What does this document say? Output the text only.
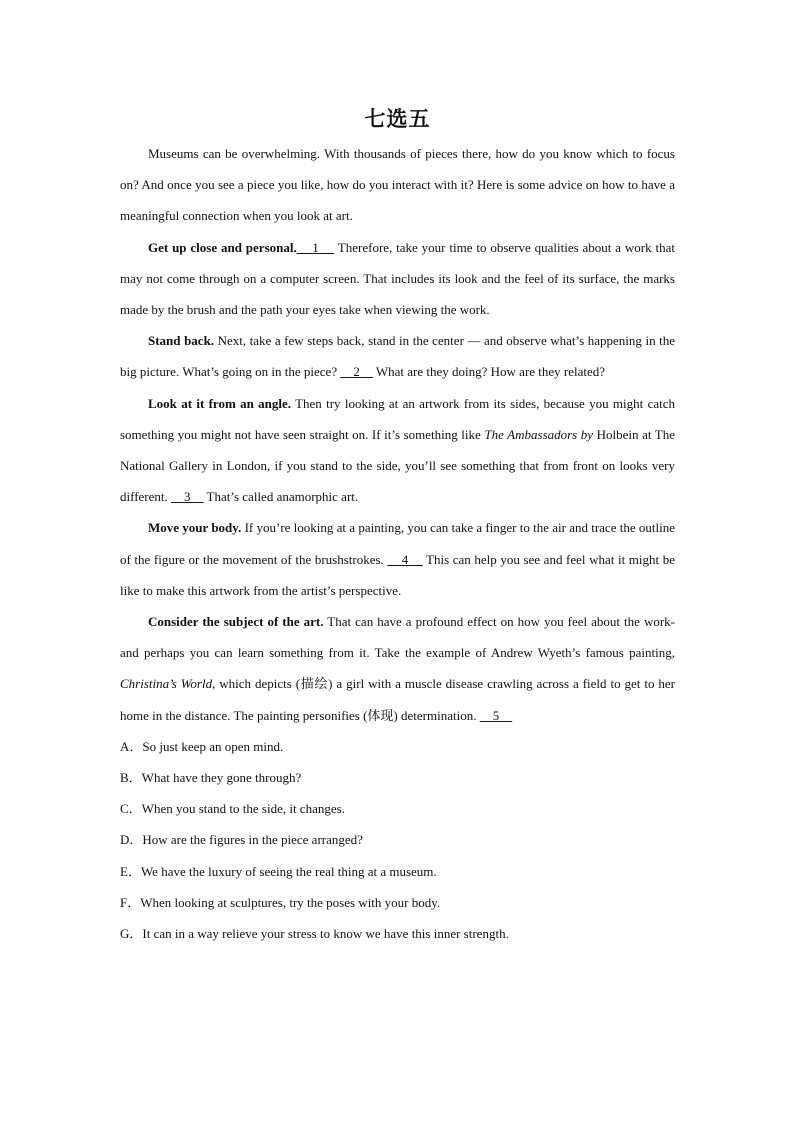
七选五

Museums can be overwhelming. With thousands of pieces there, how do you know which to focus on? And once you see a piece you like, how do you interact with it? Here is some advice on how to have a meaningful connection when you look at art.

Get up close and personal. 1     Therefore, take your time to observe qualities about a work that may not come through on a computer screen. That includes its look and the feel of its surface, the marks made by the brush and the path your eyes take when viewing the work.

Stand back. Next, take a few steps back, stand in the center — and observe what’s happening in the big picture. What’s going on in the piece?     2     What are they doing? How are they related?

Look at it from an angle. Then try looking at an artwork from its sides, because you might catch something you might not have seen straight on. If it’s something like The Ambassadors by Holbein at The National Gallery in London, if you stand to the side, you’ll see something that from front on looks very different.     3     That’s called anamorphic art.

Move your body. If you’re looking at a painting, you can take a finger to the air and trace the outline of the figure or the movement of the brushstrokes.     4     This can help you see and feel what it might be like to make this artwork from the artist’s perspective.

Consider the subject of the art. That can have a profound effect on how you feel about the work-and perhaps you can learn something from it. Take the example of Andrew Wyeth’s famous painting, Christina’s World, which depicts (描绘) a girl with a muscle disease crawling across a field to get to her home in the distance. The painting personifies (体现) determination.     5

A．So just keep an open mind.

B．What have they gone through?

C．When you stand to the side, it changes.

D．How are the figures in the piece arranged?

E．We have the luxury of seeing the real thing at a museum.

F．When looking at sculptures, try the poses with your body.

G．It can in a way relieve your stress to know we have this inner strength.
